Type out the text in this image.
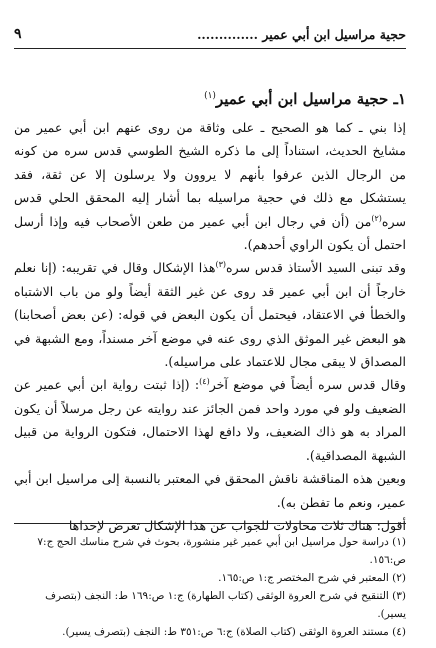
حجية مراسيل ابن أبي عمير ..............
٩
١ـ حجية مراسيل ابن أبي عمير$^{(١)}$

إذا بني ـ كما هو الصحيح ـ على وثاقة من روى عنهم ابن أبي عمير من مشايخ الحديث، استناداً إلى ما ذكره الشيخ الطوسي قدس سره من كونه من الرجال الذين عرفوا بأنهم لا يروون ولا يرسلون إلا عن ثقة، فقد يستشكل مع ذلك في حجية مراسيله بما أشار إليه المحقق الحلي قدس سره$^{(٢)}$من (أن في رجال ابن أبي عمير من طعن الأصحاب فيه وإذا أرسل احتمل أن يكون الراوي أحدهم).

وقد تبنى السيد الأستاذ قدس سره$^{(٣)}$هذا الإشكال وقال في تقريبه: (إنا نعلم خارجاً أن ابن أبي عمير قد روى عن غير الثقة أيضاً ولو من باب الاشتباه والخطأ في الاعتقاد، فيحتمل أن يكون البعض في قوله: (عن بعض أصحابنا) هو البعض غير الموثق الذي روى عنه في موضع آخر مسنداً، ومع الشبهة في المصداق لا يبقى مجال للاعتماد على مراسيله).

وقال قدس سره أيضاً في موضع آخر$^{(٤)}$: (إذا ثبتت رواية ابن أبي عمير عن الضعيف ولو في مورد واحد فمن الجائز عند روايته عن رجل مرسلاً أن يكون المراد به هو ذاك الضعيف، ولا دافع لهذا الاحتمال، فتكون الرواية من قبيل الشبهة المصداقية).

وبعين هذه المناقشة ناقش المحقق في المعتبر بالنسبة إلى مراسيل ابن أبي عمير، ونعم ما تفطن به).

أقول: هناك ثلاث محاولات للجواب عن هذا الإشكال تعرض لإحداها

(١) دراسة حول مراسيل ابن أبي عمير غير منشورة، بحوث في شرح مناسك الحج ج:٧ ص:١٥٦.
(٢) المعتبر في شرح المختصر ج:١ ص:١٦٥.
(٣) التنقيح في شرح العروة الوثقى (كتاب الطهارة) ج:١ ص:١٦٩ ط: النجف (بتصرف يسير).
(٤) مستند العروة الوثقى (كتاب الصلاة) ج:٦ ص:٣٥١ ط: النجف (بتصرف يسير).
